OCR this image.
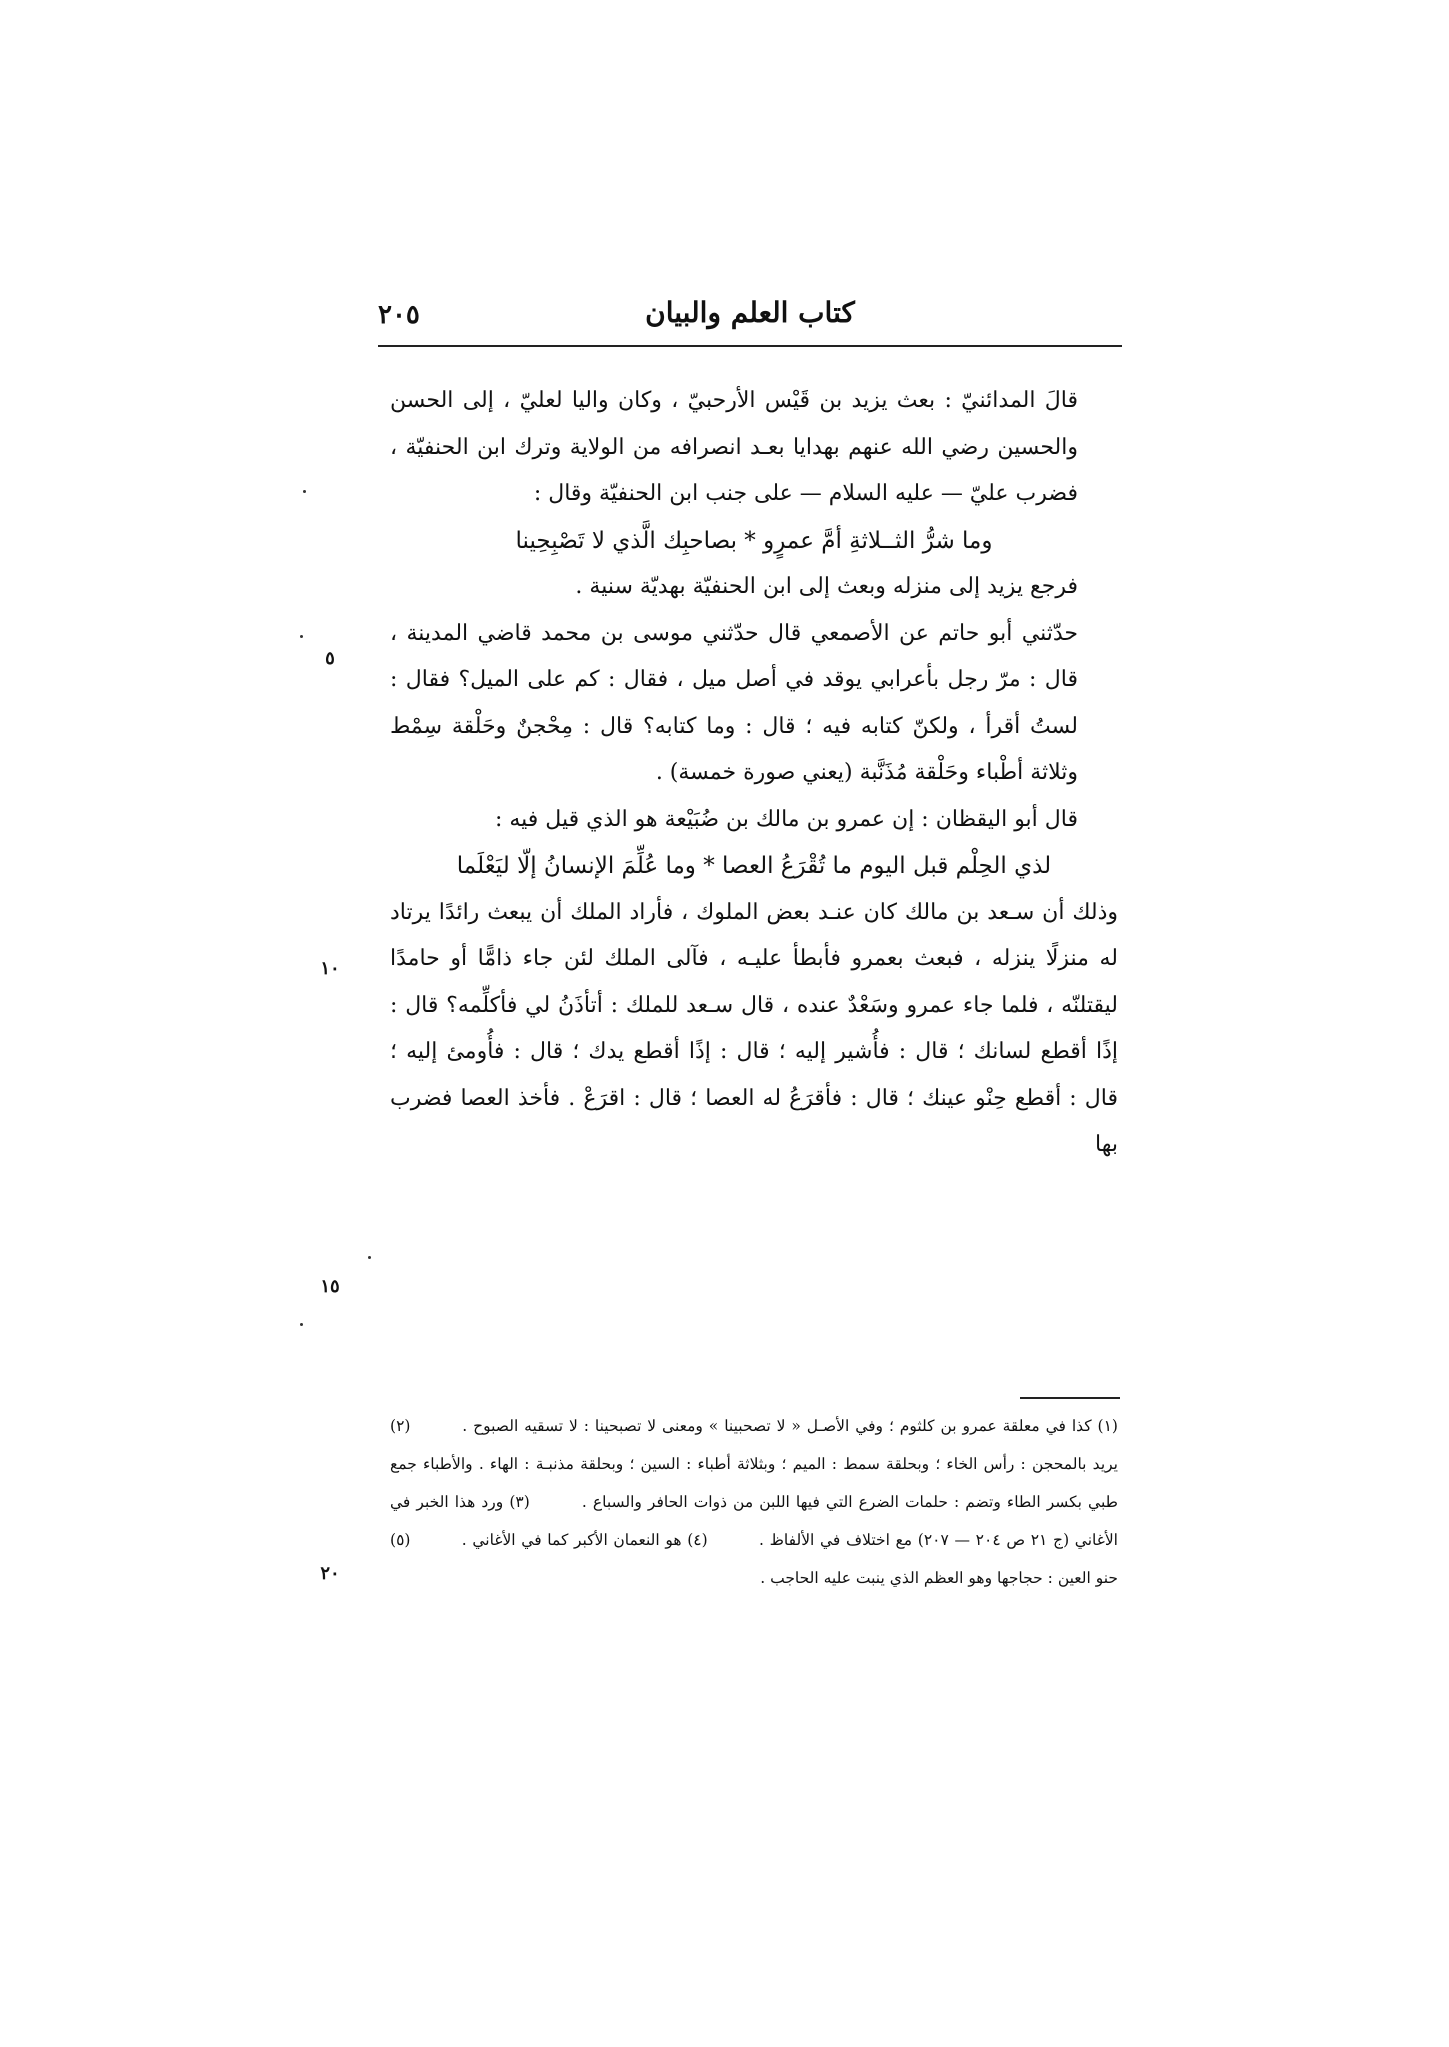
كتاب العلم والبيان
٢٠٥

قالَ المدائنيّ : بعث يزيد بن قَيْس الأرحبيّ ، وكان واليا لعليّ ، إلى الحسن والحسين رضي الله عنهم بهدايا بعـد انصرافه من الولاية وترك ابن الحنفيّة ، فضرب عليّ — عليه السلام — على جنب ابن الحنفيّة وقال :

وما شرُّ الثــلاثةِ أمَّ عمرٍو * بصاحبِك الَّذي لا تَصْبِحِينا

فرجع يزيد إلى منزله وبعث إلى ابن الحنفيّة بهديّة سنية .

حدّثني أبو حاتم عن الأصمعي قال حدّثني موسى بن محمد قاضي المدينة ، قال : مرّ رجل بأعرابي يوقد في أصل ميل ، فقال : كم على الميل؟ فقال : لستُ أقرأ ، ولكنّ كتابه فيه ؛ قال : وما كتابه؟ قال : مِحْجنٌ وحَلْقة سِمْط وثلاثة أطْباء وحَلْقة مُذَنَّبة (يعني صورة خمسة) .

قال أبو اليقظان : إن عمرو بن مالك بن ضُبَيْعة هو الذي قيل فيه :

لذي الحِلْم قبل اليوم ما تُقْرَعُ العصا * وما عُلِّمَ الإنسانُ إلّا ليَعْلَما

وذلك أن سـعد بن مالك كان عنـد بعض الملوك ، فأراد الملك أن يبعث رائدًا يرتاد له منزلًا ينزله ، فبعث بعمرو فأبطأ عليـه ، فآلى الملك لئن جاء ذامًّا أو حامدًا ليقتلنّه ، فلما جاء عمرو وسَعْدٌ عنده ، قال سـعد للملك : أتأذَنُ لي فأكلِّمه؟ قال : إذًا أقطع لسانك ؛ قال : فأُشير إليه ؛ قال : إذًا أقطع يدك ؛ قال : فأُومئ إليه ؛ قال : أقطع حِنْو عينك ؛ قال : فأقرَعُ له العصا ؛ قال : اقرَعْ . فأخذ العصا فضرب بها

(١) كذا في معلقة عمرو بن كلثوم ؛ وفي الأصـل « لا تصحبينا » ومعنى لا تصبحينا : لا تسقيه الصبوح .  (٢) يريد بالمحجن : رأس الخاء ؛ وبحلقة سمط : الميم ؛ وبثلاثة أطباء : السين ؛ وبحلقة مذنبـة : الهاء . والأطباء جمع طبي بكسر الطاء وتضم : حلمات الضرع التي فيها اللبن من ذوات الحافر والسباع .  (٣) ورد هذا الخبر في الأغاني (ج ٢١ ص ٢٠٤ — ٢٠٧) مع اختلاف في الألفاظ .  (٤) هو النعمان الأكبر كما في الأغاني .  (٥) حنو العين : حجاجها وهو العظم الذي ينبت عليه الحاجب .

٥
١٠
١٥
٢٠
